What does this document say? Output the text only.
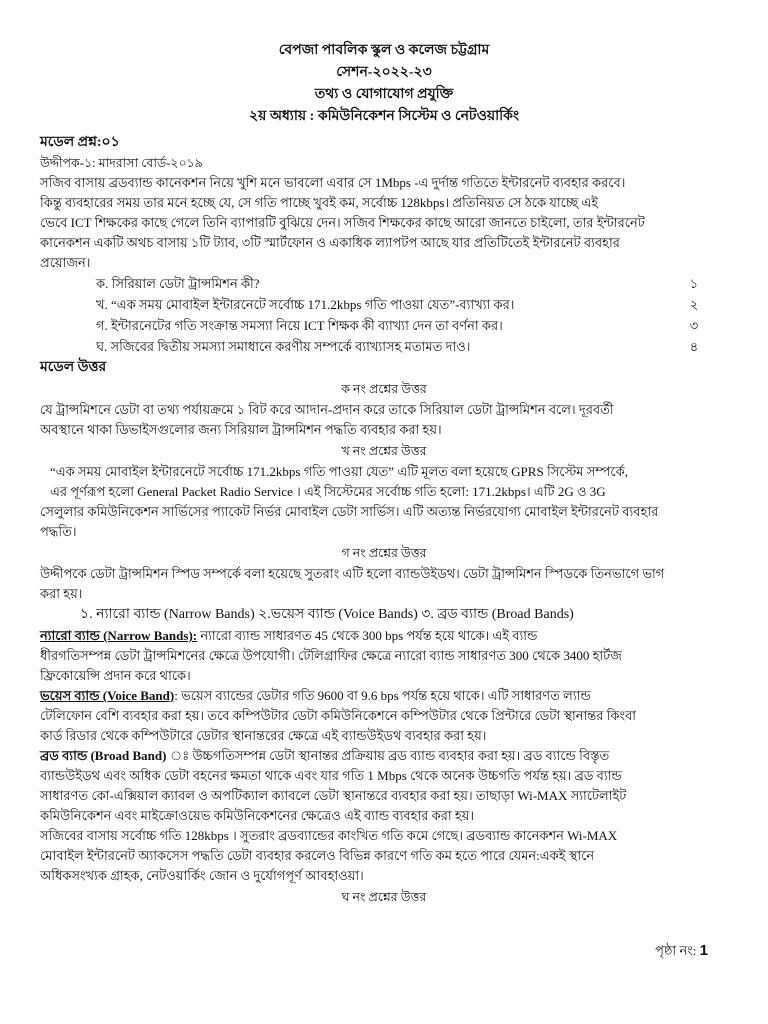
বেপজা পাবলিক স্কুল ও কলেজ চট্টগ্রাম
সেশন-২০২২-২৩
তথ্য ও যোগাযোগ প্রযুক্তি
২য় অধ্যায় : কমিউনিকেশন সিস্টেম ও নেটওয়ার্কিং
মডেল প্রশ্ন:০১
উদ্দীপক-১: মাদরাসা বোর্ড-২০১৯
সজিব বাসায় ব্রডব্যান্ড কানেকশন নিয়ে খুশি মনে ভাবলো এবার সে 1Mbps -এ দুর্দান্ত গতিতে ইন্টারনেট ব্যবহার করবে।
কিন্তু ব্যবহারের সময় তার মনে হচ্ছে যে, সে গতি পাচ্ছে খুবই কম, সর্বোচ্চ 128kbps। প্রতিনিয়ত সে ঠকে যাচ্ছে এই
ভেবে ICT শিক্ষকের কাছে গেলে তিনি ব্যাপারটি বুঝিয়ে দেন। সজিব শিক্ষকের কাছে আরো জানতে চাইলো, তার ইন্টারনেট
কানেকশন একটি অথচ বাসায় ১টি ট্যাব, ৩টি স্মার্টফোন ও একাধিক ল্যাপটপ আছে যার প্রতিটিতেই ইন্টারনেট ব্যবহার
প্রয়োজন।
ক. সিরিয়াল ডেটা ট্রান্সমিশন কী?	১
খ. “এক সময় মোবাইল ইন্টারনেটে সর্বোচ্চ 171.2kbps গতি পাওয়া যেত”-ব্যাখ্যা কর।	২
গ. ইন্টারনেটের গতি সংক্রান্ত সমস্যা নিয়ে ICT শিক্ষক কী ব্যাখ্যা দেন তা বর্ণনা কর।	৩
ঘ. সজিবের দ্বিতীয় সমস্যা সমাধানে করণীয় সম্পর্কে ব্যাখ্যাসহ মতামত দাও।	৪
মডেল উত্তর
ক নং প্রশ্নের উত্তর
যে ট্রান্সমিশনে ডেটা বা তথ্য পর্যায়ক্রমে ১ বিট করে আদান-প্রদান করে তাকে সিরিয়াল ডেটা ট্রান্সমিশন বলে। দূরবর্তী
অবস্থানে থাকা ডিভাইসগুলোর জন্য সিরিয়াল ট্রান্সমিশন পদ্ধতি ব্যবহার করা হয়।
খ নং প্রশ্নের উত্তর
“এক সময় মোবাইল ইন্টারনেটে সর্বোচ্চ 171.2kbps গতি পাওয়া যেত” এটি মূলত বলা হয়েছে GPRS সিস্টেম সম্পর্কে,
এর পূর্ণরূপ হলো General Packet Radio Service । এই সিস্টেমের সর্বোচ্চ গতি হলো: 171.2kbps। এটি 2G ও 3G
সেলুলার কমিউনিকেশন সার্ভিসের প্যাকেট নির্ভর মোবাইল ডেটা সার্ভিস। এটি অত্যন্ত নির্ভরযোগ্য মোবাইল ইন্টারনেট ব্যবহার
পদ্ধতি।
গ নং প্রশ্নের উত্তর
উদ্দীপকে ডেটা ট্রান্সমিশন স্পিড সম্পর্কে বলা হয়েছে সুতরাং এটি হলো ব্যান্ডউইডথ। ডেটা ট্রান্সমিশন স্পিডকে তিনভাগে ভাগ
করা হয়।
১. ন্যারো ব্যান্ড (Narrow Bands) ২.ভয়েস ব্যান্ড (Voice Bands) ৩. ব্রড ব্যান্ড (Broad Bands)
ন্যারো ব্যান্ড (Narrow Bands): ন্যারো ব্যান্ড সাধারণত 45 থেকে 300 bps পর্যন্ত হয়ে থাকে। এই ব্যান্ড
ধীরগতিসম্পন্ন ডেটা ট্রান্সমিশনের ক্ষেত্রে উপযোগী। টেলিগ্রাফির ক্ষেত্রে ন্যারো ব্যান্ড সাধারণত 300 থেকে 3400 হার্টজ
ফ্রিকোয়েন্সি প্রদান করে থাকে।
ভয়েস ব্যান্ড (Voice Band): ভয়েস ব্যান্ডের ডেটার গতি 9600 বা 9.6 bps পর্যন্ত হয়ে থাকে। এটি সাধারণত ল্যান্ড
টেলিফোন বেশি ব্যবহার করা হয়। তবে কম্পিউটার ডেটা কমিউনিকেশনে কম্পিউটার থেকে প্রিন্টারে ডেটা স্থানান্তর কিংবা
কার্ড রিডার থেকে কম্পিউটারে ডেটার স্থানান্তরের ক্ষেত্রে এই ব্যান্ডউইডথ ব্যবহার করা হয়।
ব্রড ব্যান্ড (Broad Band) ঃ উচ্চগতিসম্পন্ন ডেটা স্থানান্তর প্রক্রিয়ায় ব্রড ব্যান্ড ব্যবহার করা হয়। ব্রড ব্যান্ডে বিস্তৃত
ব্যান্ডউইডথ এবং অধিক ডেটা বহনের ক্ষমতা থাকে এবং যার গতি 1 Mbps থেকে অনেক উচ্চগতি পর্যন্ত হয়। ব্রড ব্যান্ড
সাধারণত কো-এক্সিয়াল ক্যাবল ও অপটিক্যাল ক্যাবলে ডেটা স্থানান্তরে ব্যবহার করা হয়। তাছাড়া Wi-MAX স্যাটেলাইট
কমিউনিকেশন এবং মাইক্রোওয়েভ কমিউনিকেশনের ক্ষেত্রেও এই ব্যান্ড ব্যবহার করা হয়।
সজিবের বাসায় সর্বোচ্চ গতি 128kbps । সুতরাং ব্রডব্যান্ডের কাংখিত গতি কমে গেছে। ব্রডব্যান্ড কানেকশন Wi-MAX
মোবাইল ইন্টারনেট অ্যাকসেস পদ্ধতি ডেটা ব্যবহার করলেও বিভিন্ন কারণে গতি কম হতে পারে যেমন:একই স্থানে
অধিকসংখ্যক গ্রাহক, নেটওয়ার্কিং জোন ও দুর্যোগপূর্ণ আবহাওয়া।
ঘ নং প্রশ্নের উত্তর
পৃষ্ঠা নং: 1
